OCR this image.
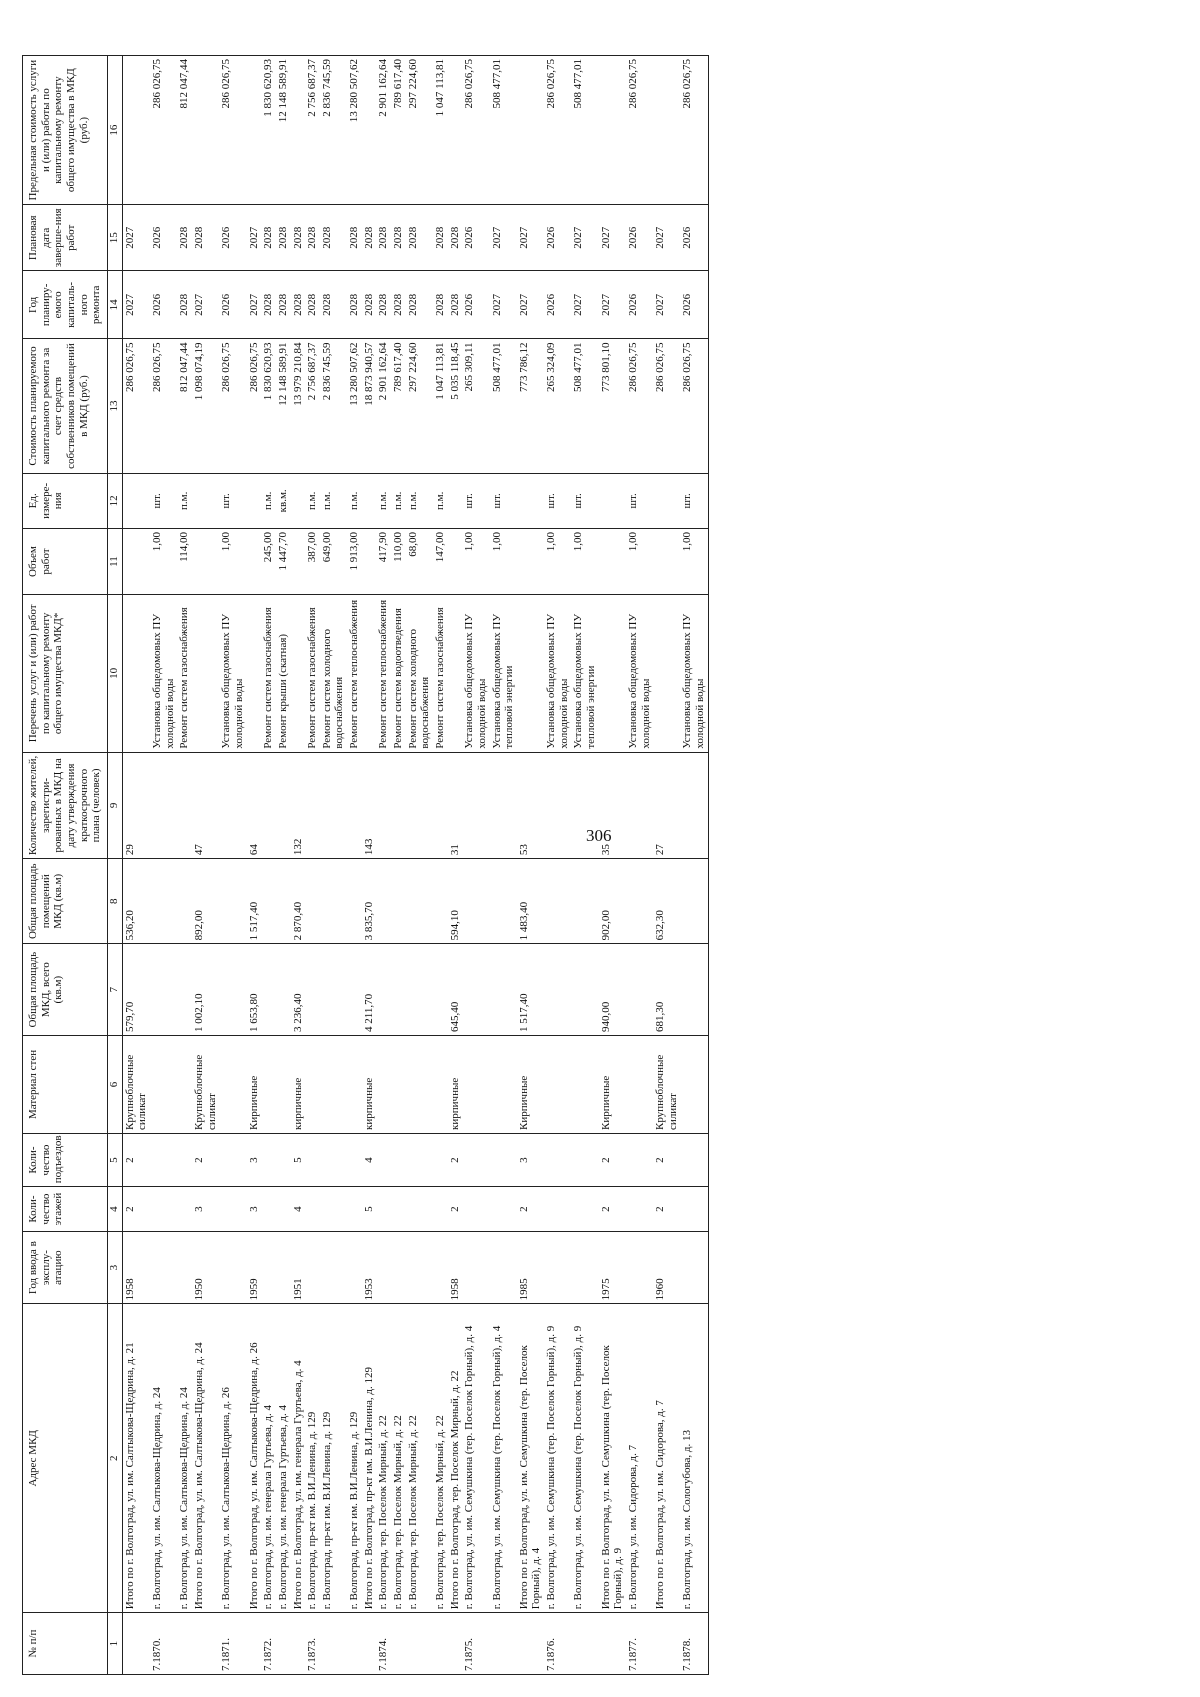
306
№ п/п	Адрес МКД	Год ввода в эксплу-атацию	Коли-чество этажей	Коли-чество подъездов	Материал стен	Общая площадь МКД, всего (кв.м)	Общая площадь помещений МКД (кв.м)	Количество жителей, зарегистри-рованных в МКД на дату утверждения краткосрочного плана (человек)	Перечень услуг и (или) работ по капитальному ремонту общего имущества МКД*	Объем работ	Ед. измере-ния	Стоимость планируемого капитального ремонта за счет средств собственников помещений в МКД (руб.)	Год планиру-емого капиталь-ного ремонта	Плановая дата заверше-ния работ	Предельная стоимость услуги и (или) работы по капитальному ремонту общего имущества в МКД (руб.)
1	2	3	4	5	6	7	8	9	10	11	12	13	14	15	16
	Итого по г. Волгоград, ул. им. Салтыкова-Щедрина, д. 21	1958	2	2	Крупноблочные силикат	579,70	536,20	29				286 026,75	2027	2027	
7.1870.	г. Волгоград, ул. им. Салтыкова-Щедрина, д. 24								Установка общедомовых ПУ холодной воды	1,00	шт.	286 026,75	2026	2026	286 026,75
	г. Волгоград, ул. им. Салтыкова-Щедрина, д. 24								Ремонт систем газоснабжения	114,00	п.м.	812 047,44	2028	2028	812 047,44
	Итого по г. Волгоград, ул. им. Салтыкова-Щедрина, д. 24	1950	3	2	Крупноблочные силикат	1 002,10	892,00	47				1 098 074,19	2027	2028	
7.1871.	г. Волгоград, ул. им. Салтыкова-Щедрина, д. 26								Установка общедомовых ПУ холодной воды	1,00	шт.	286 026,75	2026	2026	286 026,75
	Итого по г. Волгоград, ул. им. Салтыкова-Щедрина, д. 26	1959	3	3	Кирпичные	1 653,80	1 517,40	64				286 026,75	2027	2027	
7.1872.	г. Волгоград, ул. им. генерала Гуртьева, д. 4								Ремонт систем газоснабжения	245,00	п.м.	1 830 620,93	2028	2028	1 830 620,93
	г. Волгоград, ул. им. генерала Гуртьева, д. 4								Ремонт крыши (скатная)	1 447,70	кв.м.	12 148 589,91	2028	2028	12 148 589,91
	Итого по г. Волгоград, ул. им. генерала Гуртьева, д. 4	1951	4	5	кирпичные	3 236,40	2 870,40	132				13 979 210,84	2028	2028	
7.1873.	г. Волгоград, пр-кт им. В.И.Ленина, д. 129								Ремонт систем газоснабжения	387,00	п.м.	2 756 687,37	2028	2028	2 756 687,37
	г. Волгоград, пр-кт им. В.И.Ленина, д. 129								Ремонт систем холодного водоснабжения	649,00	п.м.	2 836 745,59	2028	2028	2 836 745,59
	г. Волгоград, пр-кт им. В.И.Ленина, д. 129								Ремонт систем теплоснабжения	1 913,00	п.м.	13 280 507,62	2028	2028	13 280 507,62
	Итого по г. Волгоград, пр-кт им. В.И.Ленина, д. 129	1953	5	4	кирпичные	4 211,70	3 835,70	143				18 873 940,57	2028	2028	
7.1874.	г. Волгоград, тер. Поселок Мирный, д. 22								Ремонт систем теплоснабжения	417,90	п.м.	2 901 162,64	2028	2028	2 901 162,64
	г. Волгоград, тер. Поселок Мирный, д. 22								Ремонт систем водоотведения	110,00	п.м.	789 617,40	2028	2028	789 617,40
	г. Волгоград, тер. Поселок Мирный, д. 22								Ремонт систем холодного водоснабжения	68,00	п.м.	297 224,60	2028	2028	297 224,60
	г. Волгоград, тер. Поселок Мирный, д. 22								Ремонт систем газоснабжения	147,00	п.м.	1 047 113,81	2028	2028	1 047 113,81
	Итого по г. Волгоград, тер. Поселок Мирный, д. 22	1958	2	2	кирпичные	645,40	594,10	31				5 035 118,45	2028	2028	
7.1875.	г. Волгоград, ул. им. Семушкина (тер. Поселок Горный), д. 4								Установка общедомовых ПУ холодной воды	1,00	шт.	265 309,11	2026	2026	286 026,75
	г. Волгоград, ул. им. Семушкина (тер. Поселок Горный), д. 4								Установка общедомовых ПУ тепловой энергии	1,00	шт.	508 477,01	2027	2027	508 477,01
	Итого по г. Волгоград, ул. им. Семушкина (тер. Поселок Горный), д. 4	1985	2	3	Кирпичные	1 517,40	1 483,40	53				773 786,12	2027	2027	
7.1876.	г. Волгоград, ул. им. Семушкина (тер. Поселок Горный), д. 9								Установка общедомовых ПУ холодной воды	1,00	шт.	265 324,09	2026	2026	286 026,75
	г. Волгоград, ул. им. Семушкина (тер. Поселок Горный), д. 9								Установка общедомовых ПУ тепловой энергии	1,00	шт.	508 477,01	2027	2027	508 477,01
	Итого по г. Волгоград, ул. им. Семушкина (тер. Поселок Горный), д. 9	1975	2	2	Кирпичные	940,00	902,00	35				773 801,10	2027	2027	
7.1877.	г. Волгоград, ул. им. Сидорова, д. 7								Установка общедомовых ПУ холодной воды	1,00	шт.	286 026,75	2026	2026	286 026,75
	Итого по г. Волгоград, ул. им. Сидорова, д. 7	1960	2	2	Крупноблочные силикат	681,30	632,30	27				286 026,75	2027	2027	
7.1878.	г. Волгоград, ул. им. Сологубова, д. 13								Установка общедомовых ПУ холодной воды	1,00	шт.	286 026,75	2026	2026	286 026,75
